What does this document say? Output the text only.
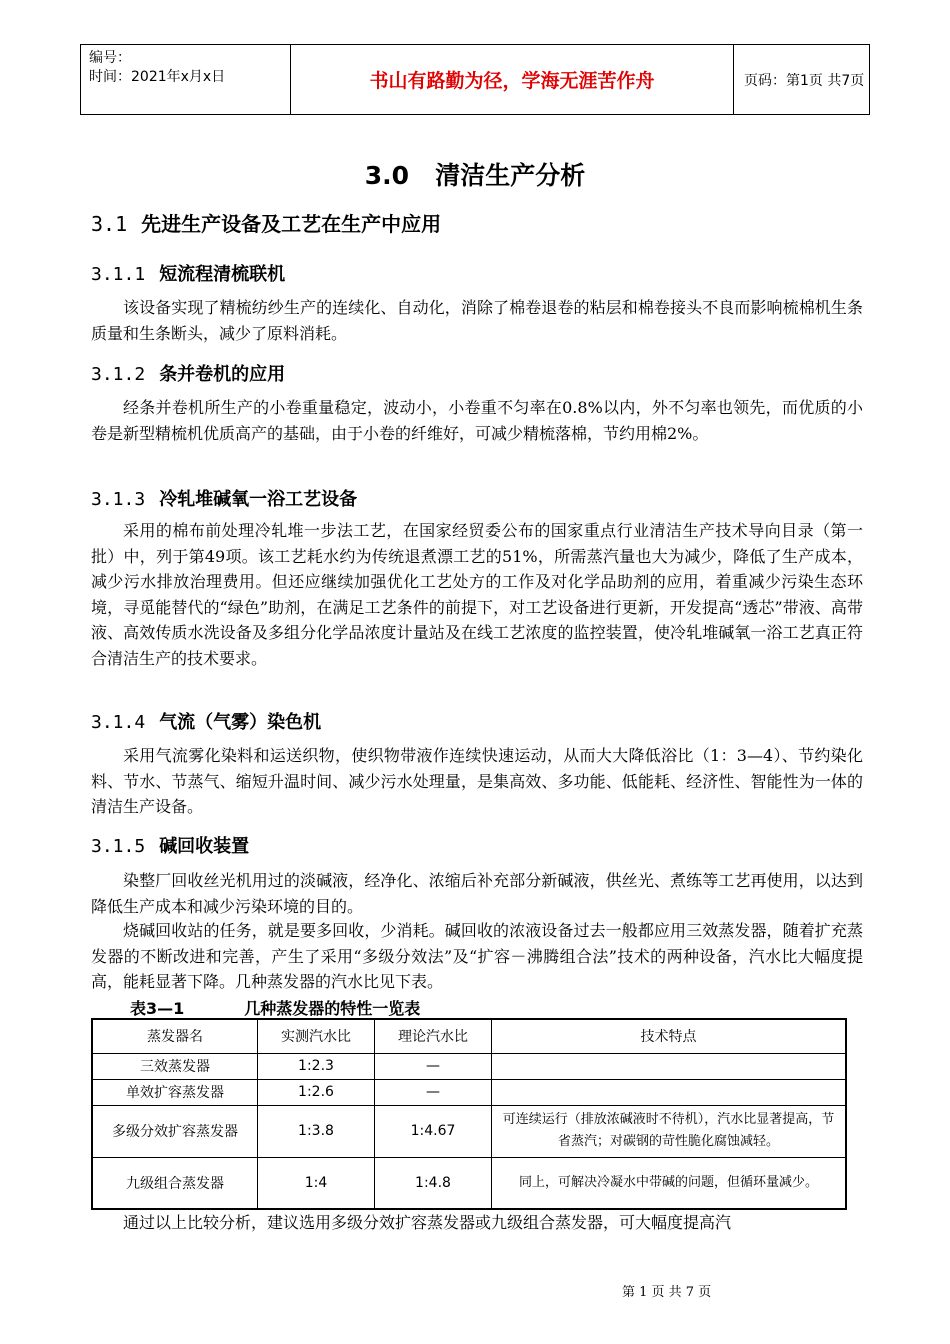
编号：
时间：2021年x月x日	书山有路勤为径，学海无涯苦作舟	页码：第1页 共7页
3.0 清洁生产分析
3.1 先进生产设备及工艺在生产中应用
3.1.1 短流程清梳联机
该设备实现了精梳纺纱生产的连续化、自动化，消除了棉卷退卷的粘层和棉卷接头不良而影响梳棉机生条质量和生条断头，减少了原料消耗。
3.1.2 条并卷机的应用
经条并卷机所生产的小卷重量稳定，波动小，小卷重不匀率在0.8%以内，外不匀率也领先，而优质的小卷是新型精梳机优质高产的基础，由于小卷的纤维好，可减少精梳落棉，节约用棉2%。
3.1.3 冷轧堆碱氧一浴工艺设备
采用的棉布前处理冷轧堆一步法工艺，在国家经贸委公布的国家重点行业清洁生产技术导向目录（第一批）中，列于第49项。该工艺耗水约为传统退煮漂工艺的51%，所需蒸汽量也大为减少，降低了生产成本，减少污水排放治理费用。但还应继续加强优化工艺处方的工作及对化学品助剂的应用，着重减少污染生态环境，寻觅能替代的“绿色”助剂，在满足工艺条件的前提下，对工艺设备进行更新，开发提高“透芯”带液、高带液、高效传质水洗设备及多组分化学品浓度计量站及在线工艺浓度的监控装置，使冷轧堆碱氧一浴工艺真正符合清洁生产的技术要求。
3.1.4 气流（气雾）染色机
采用气流雾化染料和运送织物，使织物带液作连续快速运动，从而大大降低浴比（1：3—4）、节约染化料、节水、节蒸气、缩短升温时间、减少污水处理量，是集高效、多功能、低能耗、经济性、智能性为一体的清洁生产设备。
3.1.5 碱回收装置
染整厂回收丝光机用过的淡碱液，经净化、浓缩后补充部分新碱液，供丝光、煮练等工艺再使用，以达到降低生产成本和减少污染环境的目的。
烧碱回收站的任务，就是要多回收，少消耗。碱回收的浓液设备过去一般都应用三效蒸发器，随着扩充蒸发器的不断改进和完善，产生了采用“多级分效法”及“扩容－沸腾组合法”技术的两种设备，汽水比大幅度提高，能耗显著下降。几种蒸发器的汽水比见下表。
表3—1	几种蒸发器的特性一览表
蒸发器名	实测汽水比	理论汽水比	技术特点
三效蒸发器	1:2.3	—	
单效扩容蒸发器	1:2.6	—	
多级分效扩容蒸发器	1:3.8	1:4.67	可连续运行（排放浓碱液时不待机），汽水比显著提高，节省蒸汽；对碳钢的苛性脆化腐蚀减轻。
九级组合蒸发器	1:4	1:4.8	同上，可解决冷凝水中带碱的问题，但循环量减少。
通过以上比较分析，建议选用多级分效扩容蒸发器或九级组合蒸发器，可大幅度提高汽
第 1 页 共 7 页
